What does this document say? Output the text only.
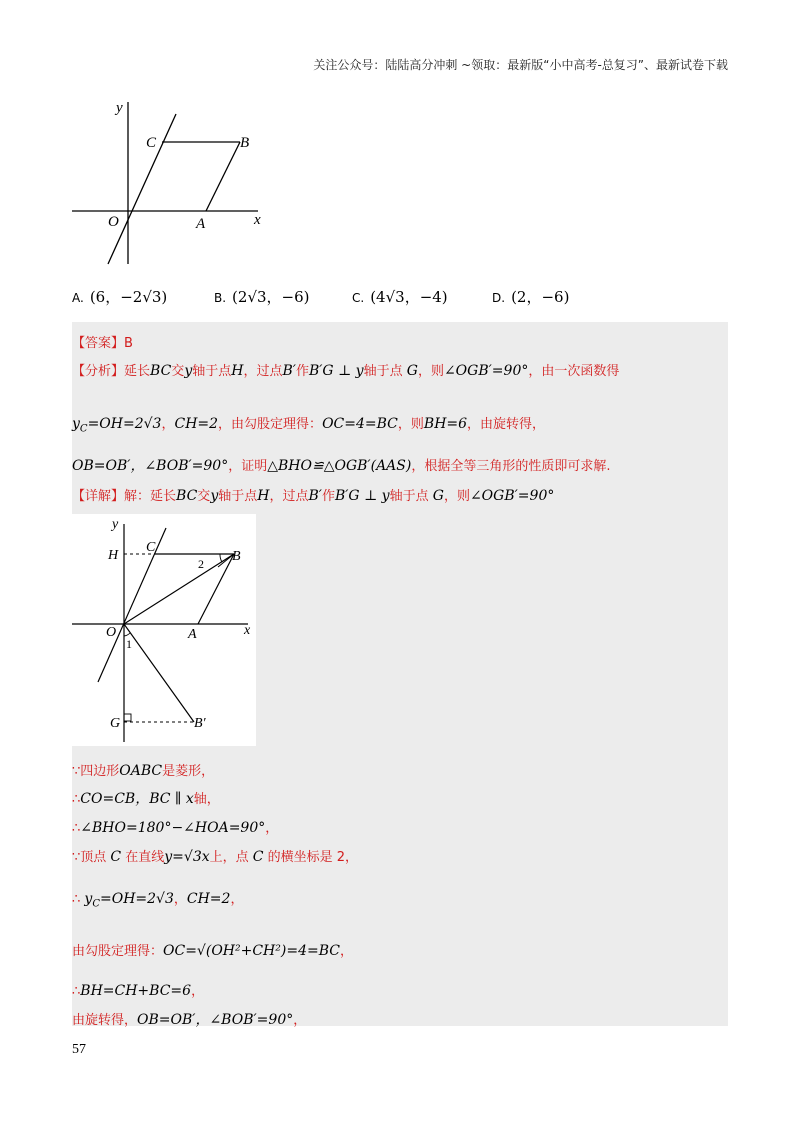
关注公众号：陆陆高分冲刺 ~领取：最新版“小中高考-总复习”、最新试卷下载
y
x
O	A
B
C
A. (6，−2√3)	B. (2√3，−6)	C. (4√3，−4)	D. (2，−6)
【答案】B
【分析】延长BC交y轴于点H，过点B′作B′G ⊥ y轴于点 G，则∠OGB′=90°，由一次函数得
$y_C=OH=2√3$，CH=2，由勾股定理得：OC=4=BC，则BH=6，由旋转得，
OB=OB′，∠BOB′=90°，证明△BHO≌△OGB′(AAS)，根据全等三角形的性质即可求解.
【详解】解：延长BC交y轴于点H，过点B′作B′G ⊥ y轴于点 G，则∠OGB′=90°
y
x
H
C
B
O	A
G	B′
1
2
∵四边形OABC是菱形，
∴CO=CB，BC ∥ x轴，
∴∠BHO=180°−∠HOA=90°，
∵顶点 C 在直线y=√3x上，点 C 的横坐标是 2，
∴ $y_C=OH=2√3$，CH=2，
由勾股定理得：OC=√(OH²+CH²)=4=BC，
∴BH=CH+BC=6，
由旋转得，OB=OB′，∠BOB′=90°，
57
